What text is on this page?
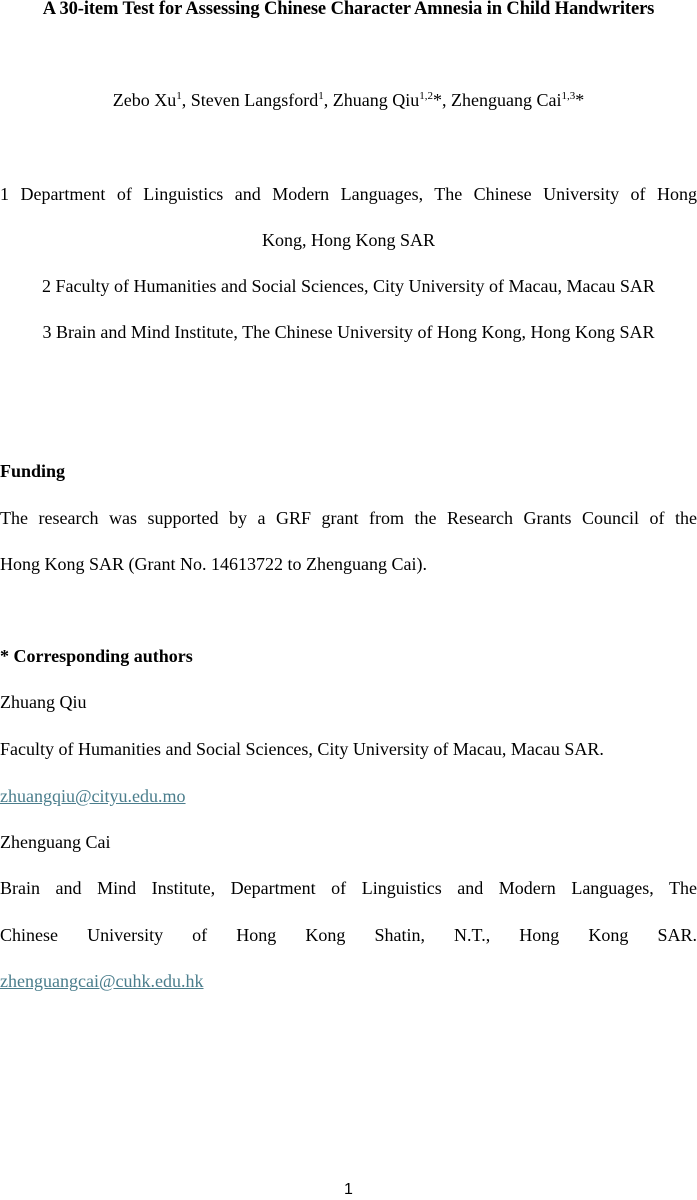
A 30-item Test for Assessing Chinese Character Amnesia in Child Handwriters
Zebo Xu$^1$, Steven Langsford$^1$, Zhuang Qiu$^{1,2}$*, Zhenguang Cai$^{1,3}$*
1 Department of Linguistics and Modern Languages, The Chinese University of Hong
Kong, Hong Kong SAR
2 Faculty of Humanities and Social Sciences, City University of Macau, Macau SAR
3 Brain and Mind Institute, The Chinese University of Hong Kong, Hong Kong SAR
Funding
The research was supported by a GRF grant from the Research Grants Council of the
Hong Kong SAR (Grant No. 14613722 to Zhenguang Cai).
* Corresponding authors
Zhuang Qiu
Faculty of Humanities and Social Sciences, City University of Macau, Macau SAR.
zhuangqiu@cityu.edu.mo
Zhenguang Cai
Brain and Mind Institute, Department of Linguistics and Modern Languages, The
Chinese University of Hong Kong Shatin, N.T., Hong Kong SAR.
zhenguangcai@cuhk.edu.hk
1
